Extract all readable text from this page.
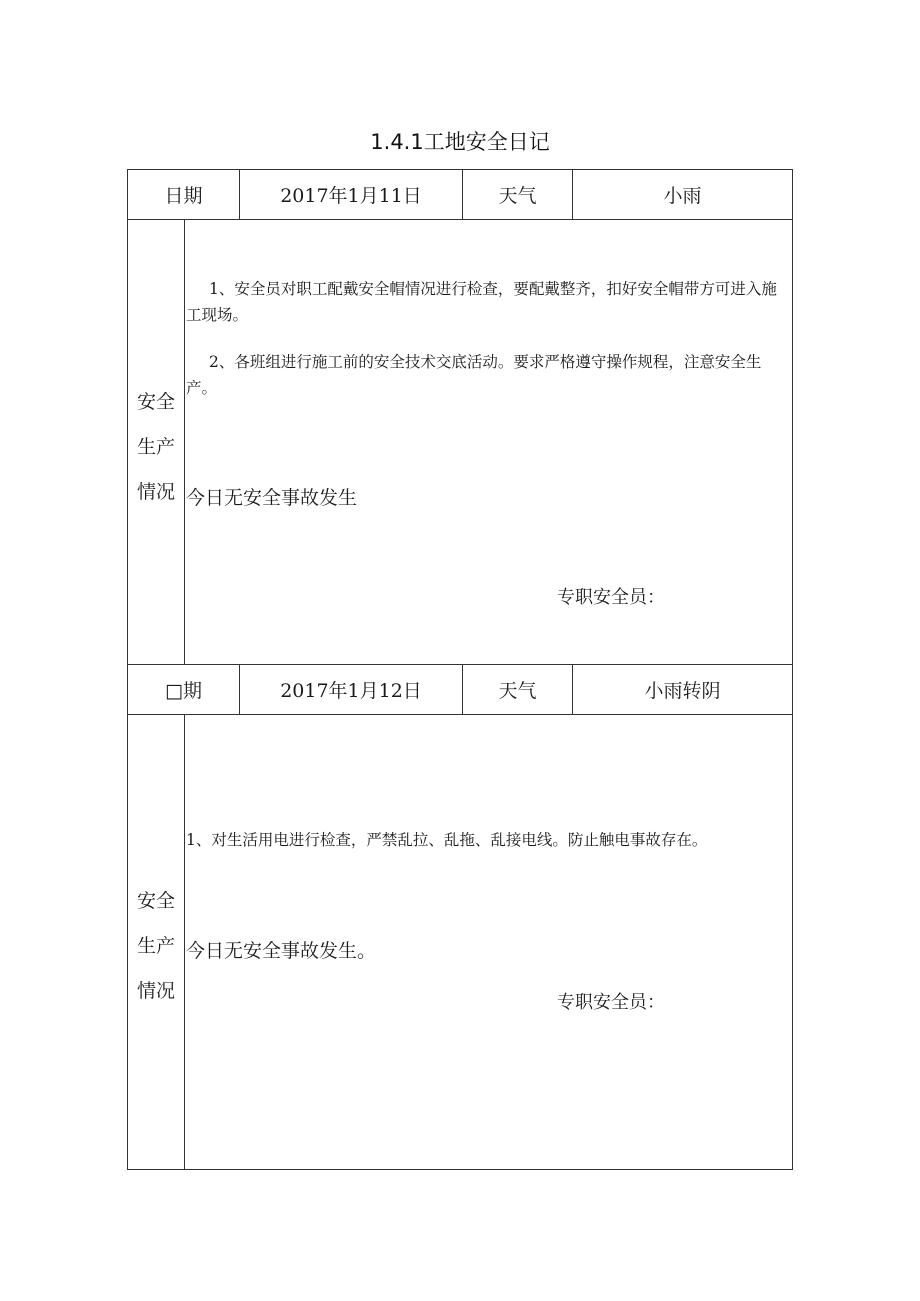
1.4.1工地安全日记
日期	2017年1月11日	天气	小雨
安全
生产
情况
1、安全员对职工配戴安全帽情况进行检查，要配戴整齐，扣好安全帽带方可进入施工现场。
2、各班组进行施工前的安全技术交底活动。要求严格遵守操作规程，注意安全生产。
今日无安全事故发生
专职安全员：
□期	2017年1月12日	天气	小雨转阴
安全
生产
情况
1、对生活用电进行检查，严禁乱拉、乱拖、乱接电线。防止触电事故存在。
今日无安全事故发生。
专职安全员：
